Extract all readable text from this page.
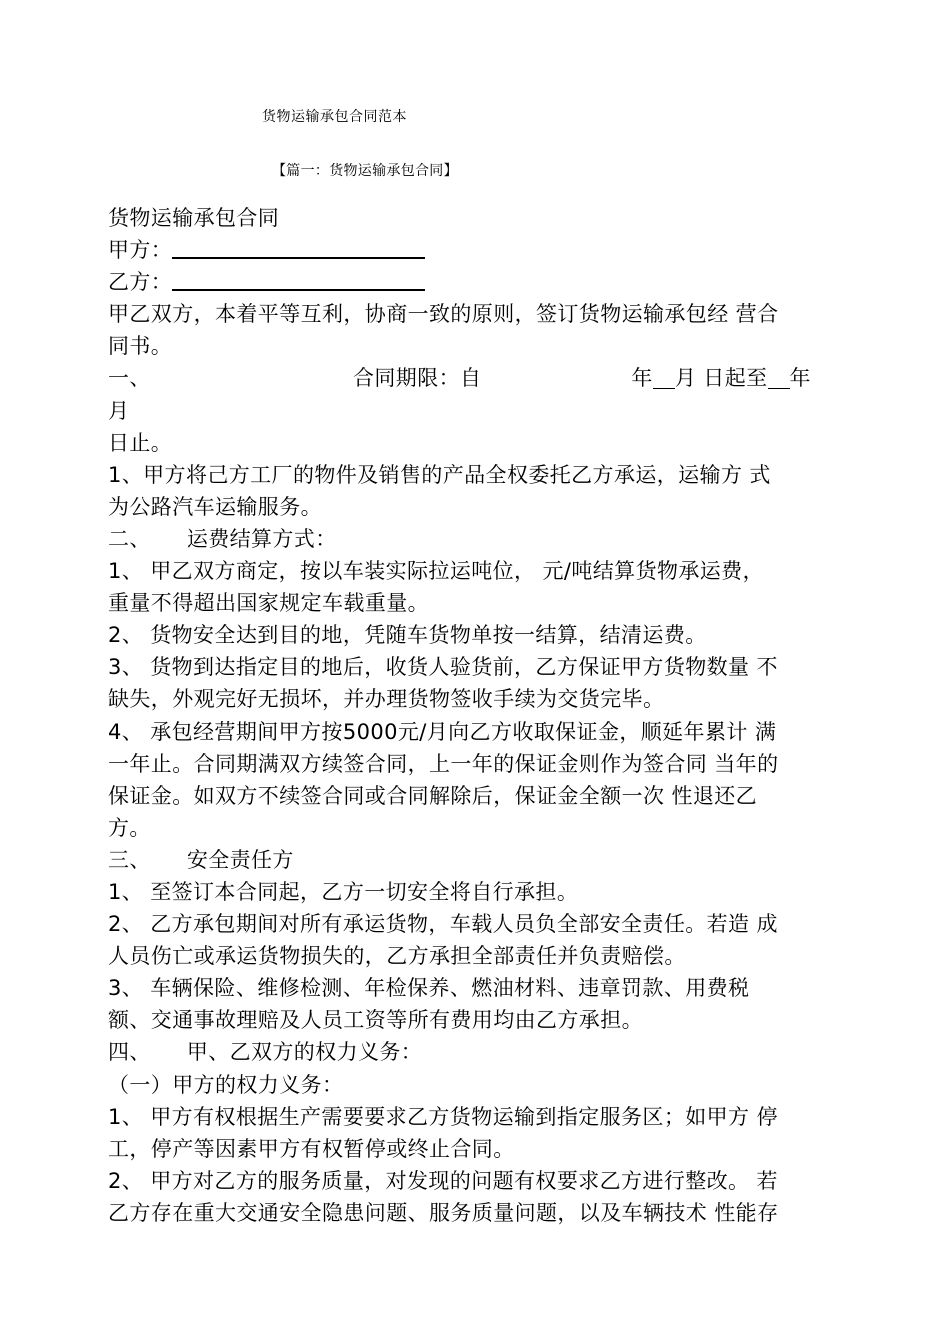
货物运输承包合同范本
【篇一：货物运输承包合同】
货物运输承包合同
甲方：
乙方：
甲乙双方，本着平等互利，协商一致的原则，签订货物运输承包经 营合
同书。
一、	合同期限：自	年 月 日起至 年
月
日止。
1、甲方将己方工厂的物件及销售的产品全权委托乙方承运，运输方 式
为公路汽车运输服务。
二、 运费结算方式：
1、 甲乙双方商定，按以车装实际拉运吨位， 元/吨结算货物承运费，
重量不得超出国家规定车载重量。
2、 货物安全达到目的地，凭随车货物单按一结算，结清运费。
3、 货物到达指定目的地后，收货人验货前，乙方保证甲方货物数量 不
缺失，外观完好无损坏，并办理货物签收手续为交货完毕。
4、 承包经营期间甲方按5000元/月向乙方收取保证金，顺延年累计 满
一年止。合同期满双方续签合同，上一年的保证金则作为签合同 当年的
保证金。如双方不续签合同或合同解除后，保证金全额一次 性退还乙
方。
三、 安全责任方
1、 至签订本合同起，乙方一切安全将自行承担。
2、 乙方承包期间对所有承运货物，车载人员负全部安全责任。若造 成
人员伤亡或承运货物损失的，乙方承担全部责任并负责赔偿。
3、 车辆保险、维修检测、年检保养、燃油材料、违章罚款、用费税
额、交通事故理赔及人员工资等所有费用均由乙方承担。
四、 甲、乙双方的权力义务：
（一）甲方的权力义务：
1、 甲方有权根据生产需要要求乙方货物运输到指定服务区；如甲方 停
工，停产等因素甲方有权暂停或终止合同。
2、 甲方对乙方的服务质量，对发现的问题有权要求乙方进行整改。 若
乙方存在重大交通安全隐患问题、服务质量问题，以及车辆技术 性能存
